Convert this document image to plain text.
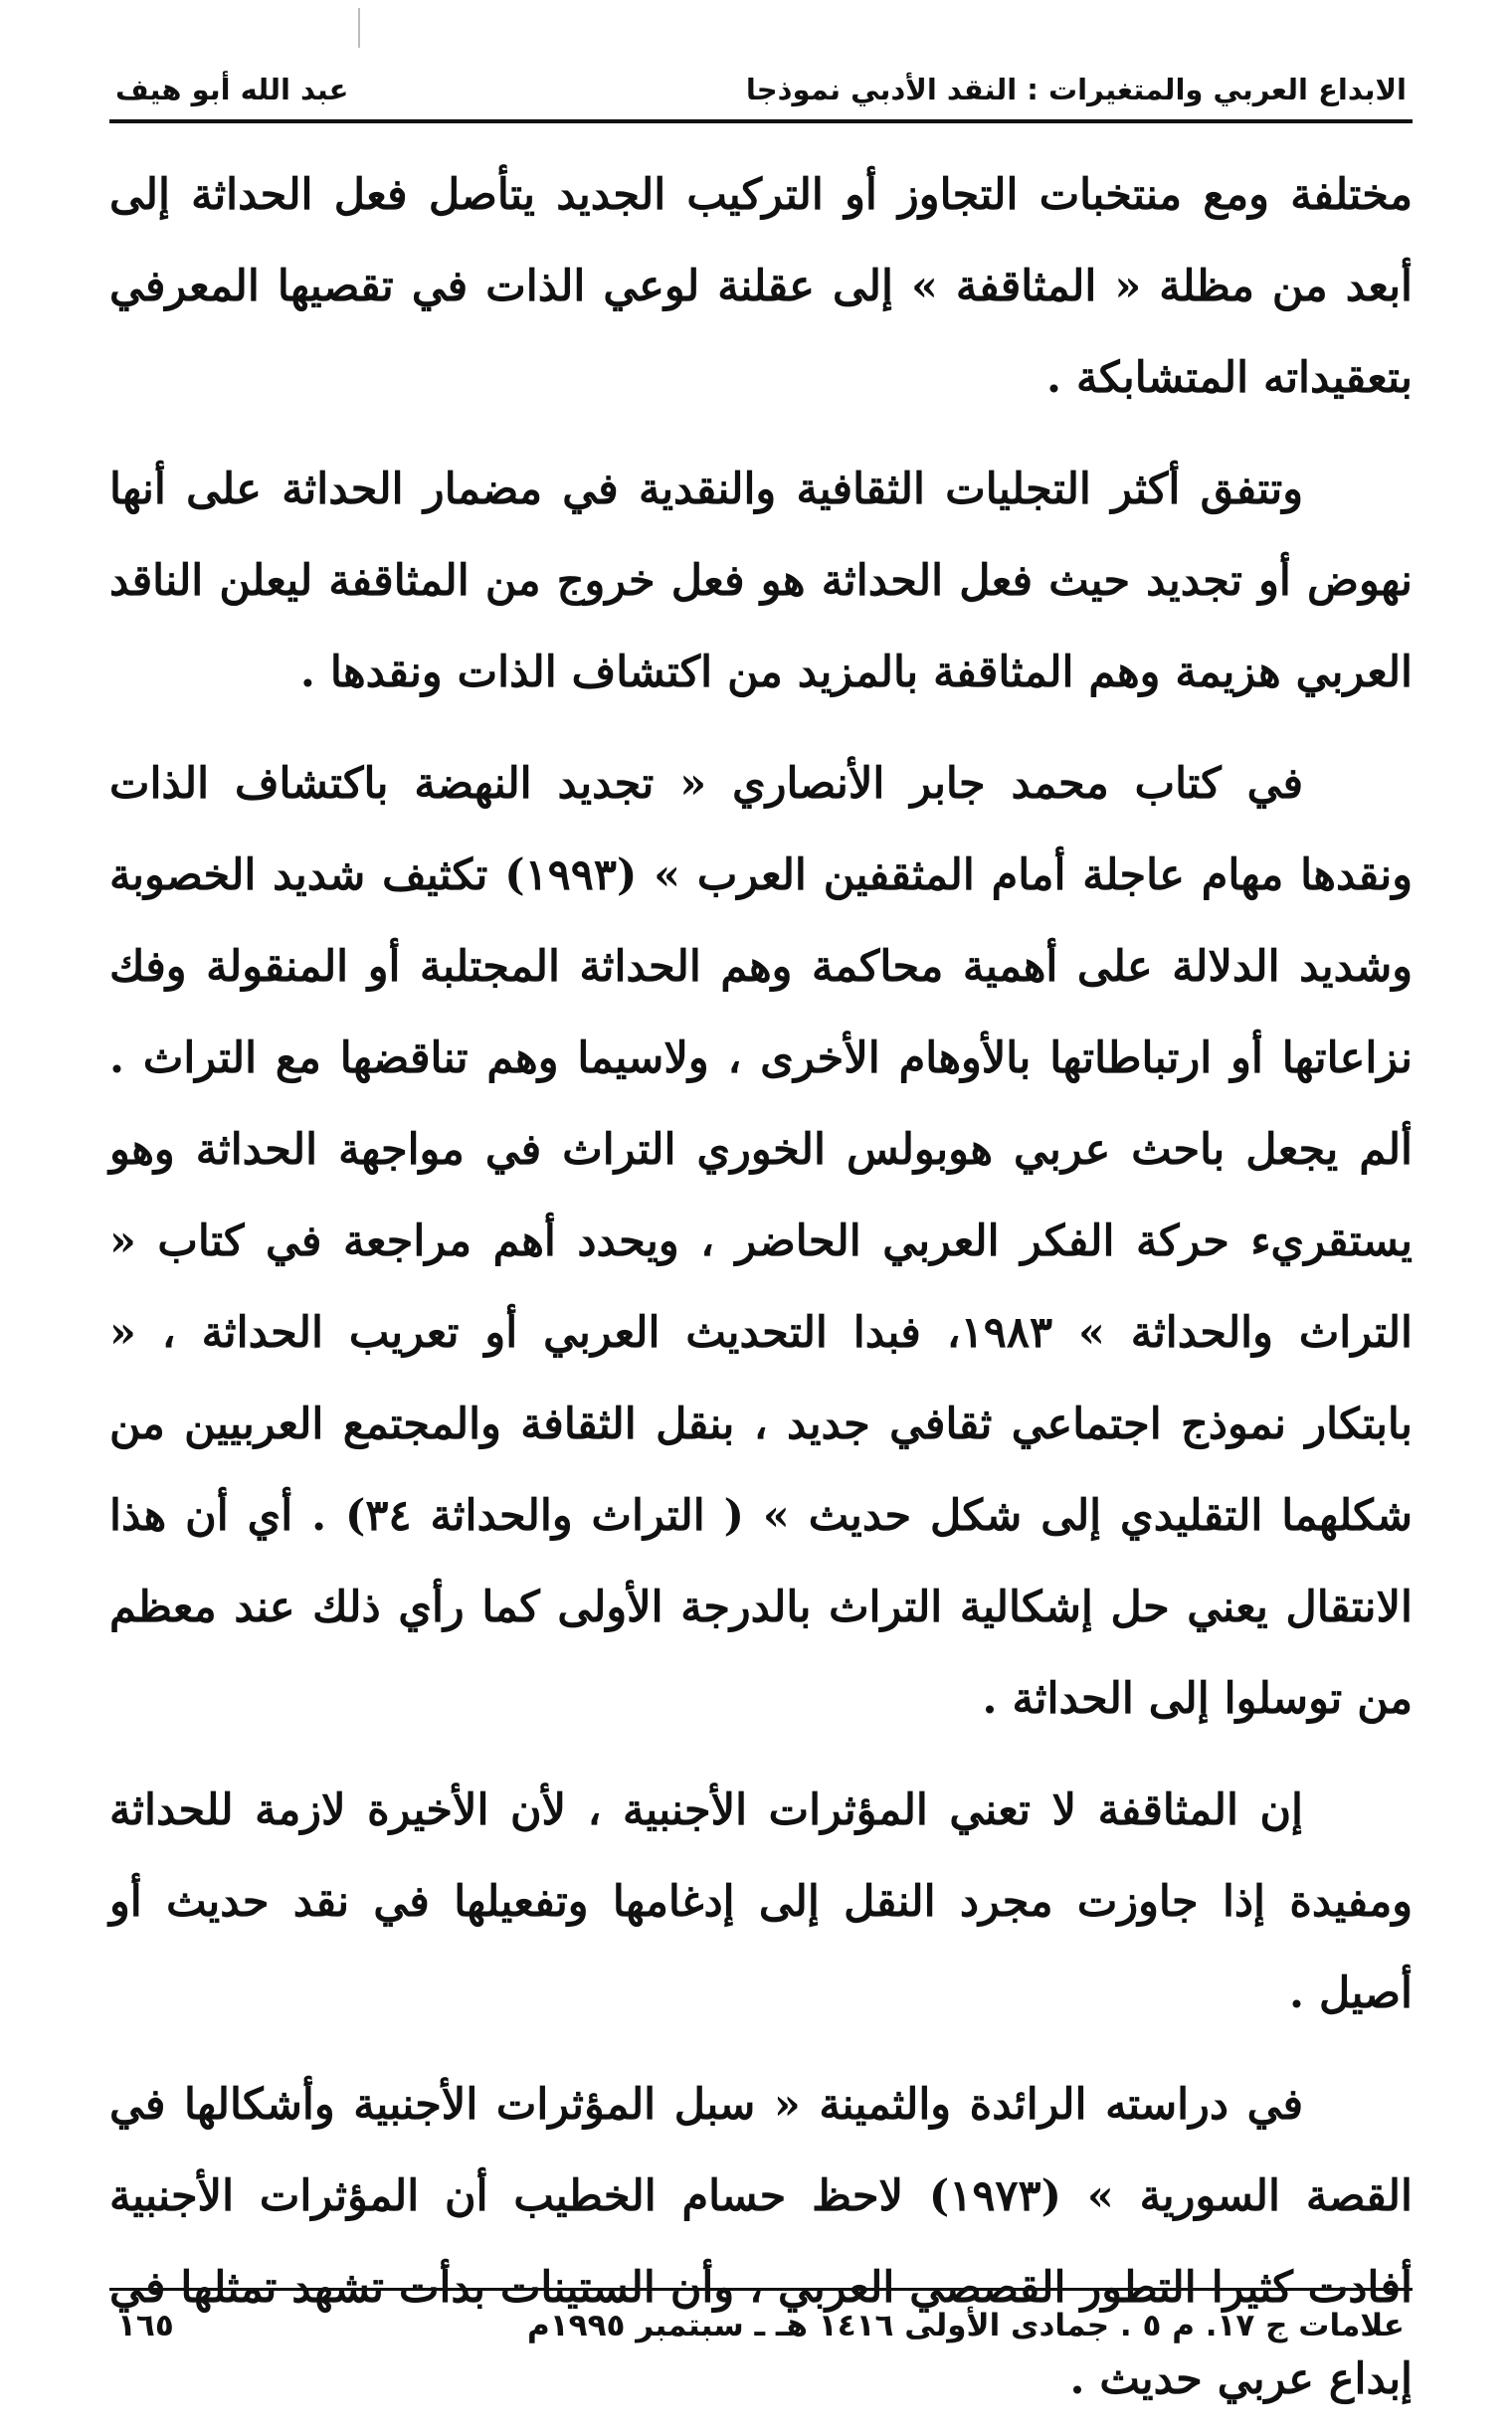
الابداع العربي والمتغيرات : النقد الأدبي نموذجا
عبد الله أبو هيف

مختلفة ومع منتخبات التجاوز أو التركيب الجديد يتأصل فعل الحداثة إلى أبعد من مظلة « المثاقفة » إلى عقلنة لوعي الذات في تقصيها المعرفي بتعقيداته المتشابكة .

وتتفق أكثر التجليات الثقافية والنقدية في مضمار الحداثة على أنها نهوض أو تجديد حيث فعل الحداثة هو فعل خروج من المثاقفة ليعلن الناقد العربي هزيمة وهم المثاقفة بالمزيد من اكتشاف الذات ونقدها .

في كتاب محمد جابر الأنصاري « تجديد النهضة باكتشاف الذات ونقدها مهام عاجلة أمام المثقفين العرب » (١٩٩٣) تكثيف شديد الخصوبة وشديد الدلالة على أهمية محاكمة وهم الحداثة المجتلبة أو المنقولة وفك نزاعاتها أو ارتباطاتها بالأوهام الأخرى ، ولاسيما وهم تناقضها مع التراث . ألم يجعل باحث عربي هوبولس الخوري التراث في مواجهة الحداثة وهو يستقريء حركة الفكر العربي الحاضر ، ويحدد أهم مراجعة في كتاب « التراث والحداثة » ١٩٨٣، فبدا التحديث العربي أو تعريب الحداثة ، « بابتكار نموذج اجتماعي ثقافي جديد ، بنقل الثقافة والمجتمع العربيين من شكلهما التقليدي إلى شكل حديث » ( التراث والحداثة ٣٤) . أي أن هذا الانتقال يعني حل إشكالية التراث بالدرجة الأولى كما رأي ذلك عند معظم من توسلوا إلى الحداثة .

إن المثاقفة لا تعني المؤثرات الأجنبية ، لأن الأخيرة لازمة للحداثة ومفيدة إذا جاوزت مجرد النقل إلى إدغامها وتفعيلها في نقد حديث أو أصيل .

في دراسته الرائدة والثمينة « سبل المؤثرات الأجنبية وأشكالها في القصة السورية » (١٩٧٣) لاحظ حسام الخطيب أن المؤثرات الأجنبية أفادت كثيرا التطور القصصي العربي ، وأن الستينات بدأت تشهد تمثلها في إبداع عربي حديث .

علامات ج ١٧. م ٥ . جمادى الأولى ١٤١٦ هـ ـ سبتمبر ١٩٩٥م
١٦٥
